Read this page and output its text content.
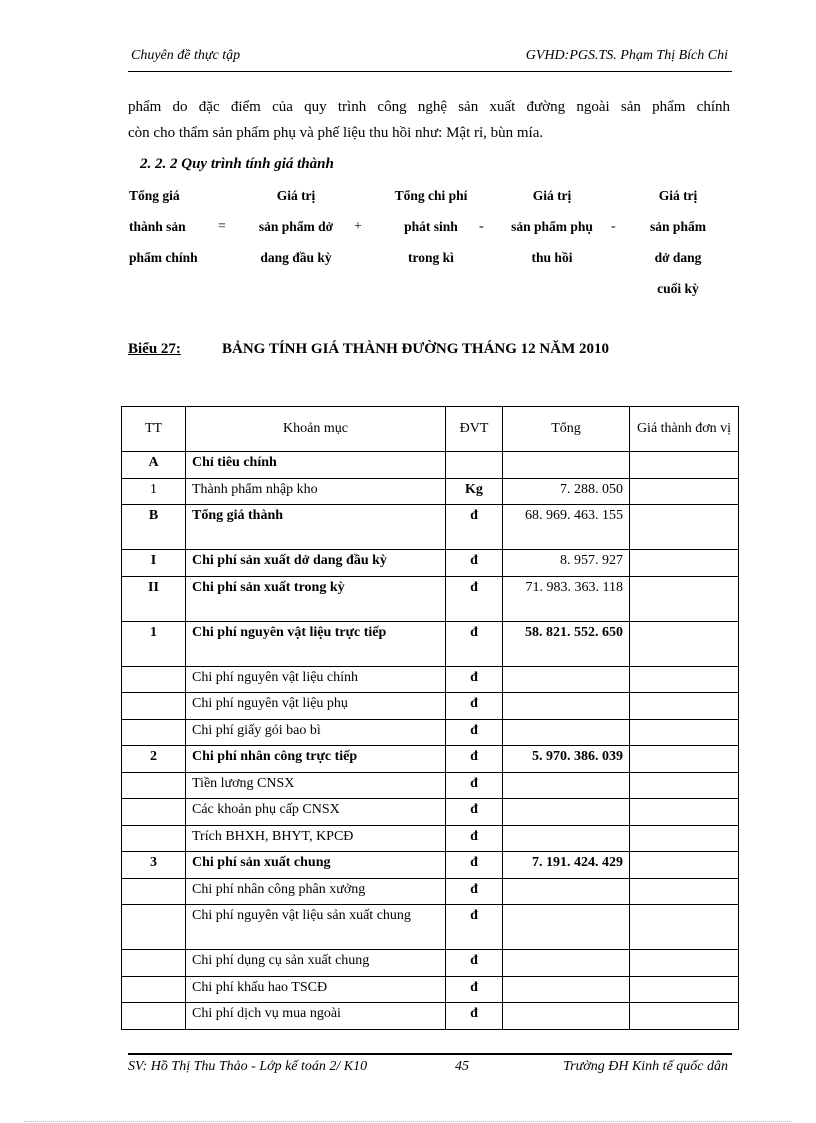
Chuyên đề thực tập	GVHD:PGS.TS. Phạm Thị Bích Chi
phẩm do đặc điểm của quy trình công nghệ sản xuất đường ngoài sản phẩm chính
còn cho thẩm sản phẩm phụ và phế liệu thu hồi như: Mật rỉ, bùn mía.
2. 2. 2 Quy trình tính giá thành
Tổng giá
thành sản
phẩm chính
=
Giá trị
sản phẩm dở
dang đầu kỳ
+
Tổng chi phí
phát sinh
trong kì
-
Giá trị
sản phẩm phụ
thu hồi
-
Giá trị
sản phẩm
dở dang
cuối kỳ
Biểu 27:	BẢNG TÍNH GIÁ THÀNH ĐƯỜNG THÁNG 12 NĂM 2010
TT	Khoản mục	ĐVT	Tổng	Giá thành đơn vị
A	Chỉ tiêu chính			
1	Thành phẩm nhập kho	Kg	7. 288. 050	
B	Tổng giá thành	đ	68. 969. 463. 155	
I	Chi phí sản xuất dở dang đầu kỳ	đ	8. 957. 927	
II	Chi phí sản xuất trong kỳ	đ	71. 983. 363. 118	
1	Chi phí nguyên vật liệu trực tiếp	đ	58. 821. 552. 650	
	Chi phí nguyên vật liệu chính	đ		
	Chi phí nguyên vật liệu phụ	đ		
	Chi phí giấy gói bao bì	đ		
2	Chi phí nhân công trực tiếp	đ	5. 970. 386. 039	
	Tiền lương CNSX	đ		
	Các khoản phụ cấp CNSX	đ		
	Trích BHXH, BHYT, KPCĐ	đ		
3	Chi phí sản xuất chung	đ	7. 191. 424. 429	
	Chi phí nhân công phân xưởng	đ		
	Chi phí nguyên vật liệu sản xuất chung	đ		
	Chi phí dụng cụ sản xuất chung	đ		
	Chi phí khấu hao TSCĐ	đ		
	Chi phí dịch vụ mua ngoài	đ		
SV: Hồ Thị Thu Thảo - Lớp kế toán 2/ K10	45	Trường ĐH Kinh tế quốc dân
